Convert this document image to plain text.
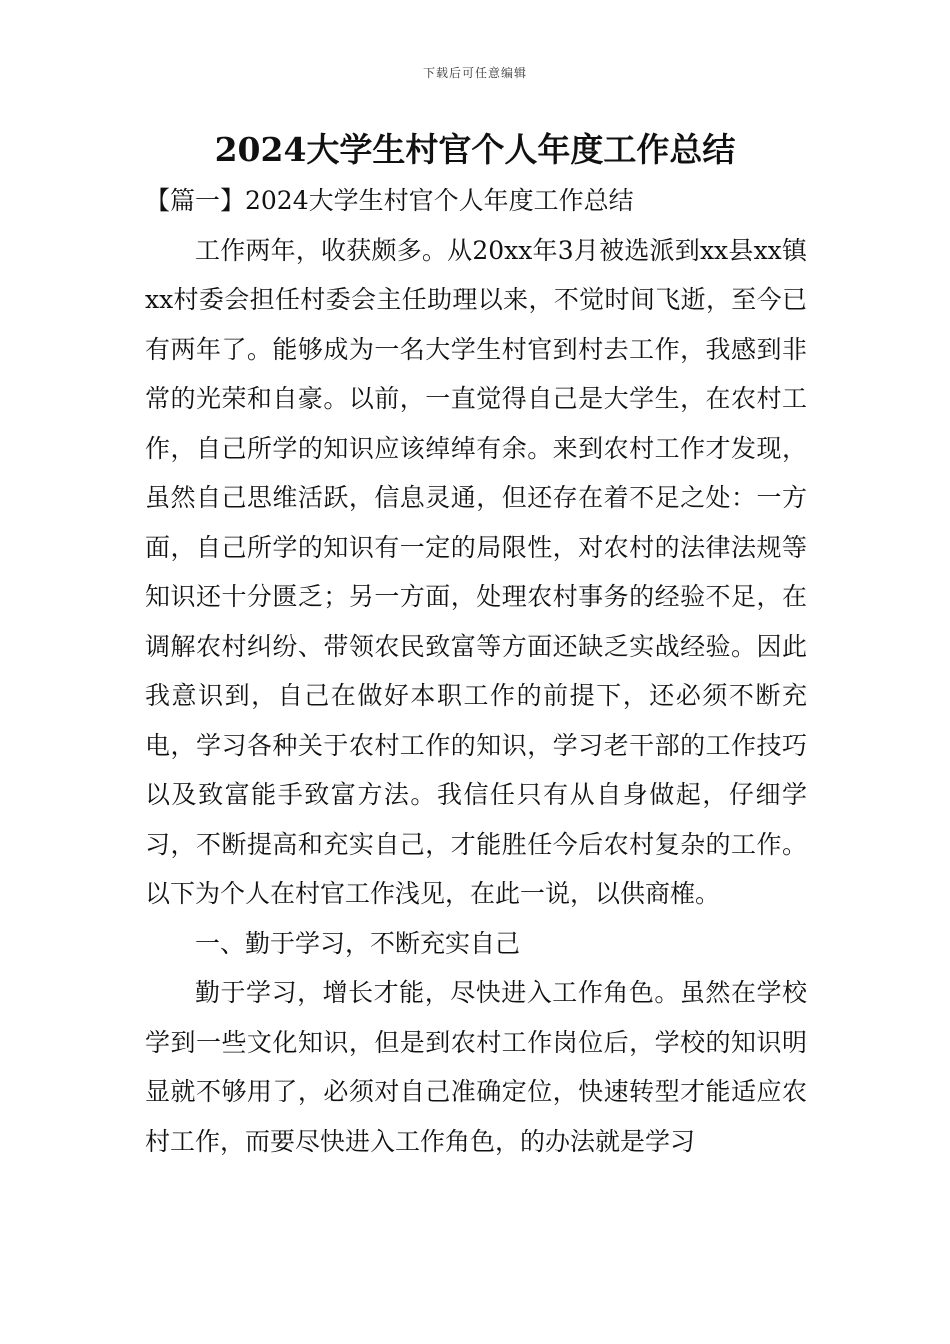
下载后可任意编辑
2024大学生村官个人年度工作总结

【篇一】2024大学生村官个人年度工作总结

工作两年，收获颇多。从20xx年3月被选派到xx县xx镇xx村委会担任村委会主任助理以来，不觉时间飞逝，至今已有两年了。能够成为一名大学生村官到村去工作，我感到非常的光荣和自豪。以前，一直觉得自己是大学生，在农村工作，自己所学的知识应该绰绰有余。来到农村工作才发现，虽然自己思维活跃，信息灵通，但还存在着不足之处：一方面，自己所学的知识有一定的局限性，对农村的法律法规等知识还十分匮乏；另一方面，处理农村事务的经验不足，在调解农村纠纷、带领农民致富等方面还缺乏实战经验。因此我意识到，自己在做好本职工作的前提下，还必须不断充电，学习各种关于农村工作的知识，学习老干部的工作技巧以及致富能手致富方法。我信任只有从自身做起，仔细学习，不断提高和充实自己，才能胜任今后农村复杂的工作。以下为个人在村官工作浅见，在此一说，以供商榷。

一、勤于学习，不断充实自己

勤于学习，增长才能，尽快进入工作角色。虽然在学校学到一些文化知识，但是到农村工作岗位后，学校的知识明显就不够用了，必须对自己准确定位，快速转型才能适应农村工作，而要尽快进入工作角色，的办法就是学习
